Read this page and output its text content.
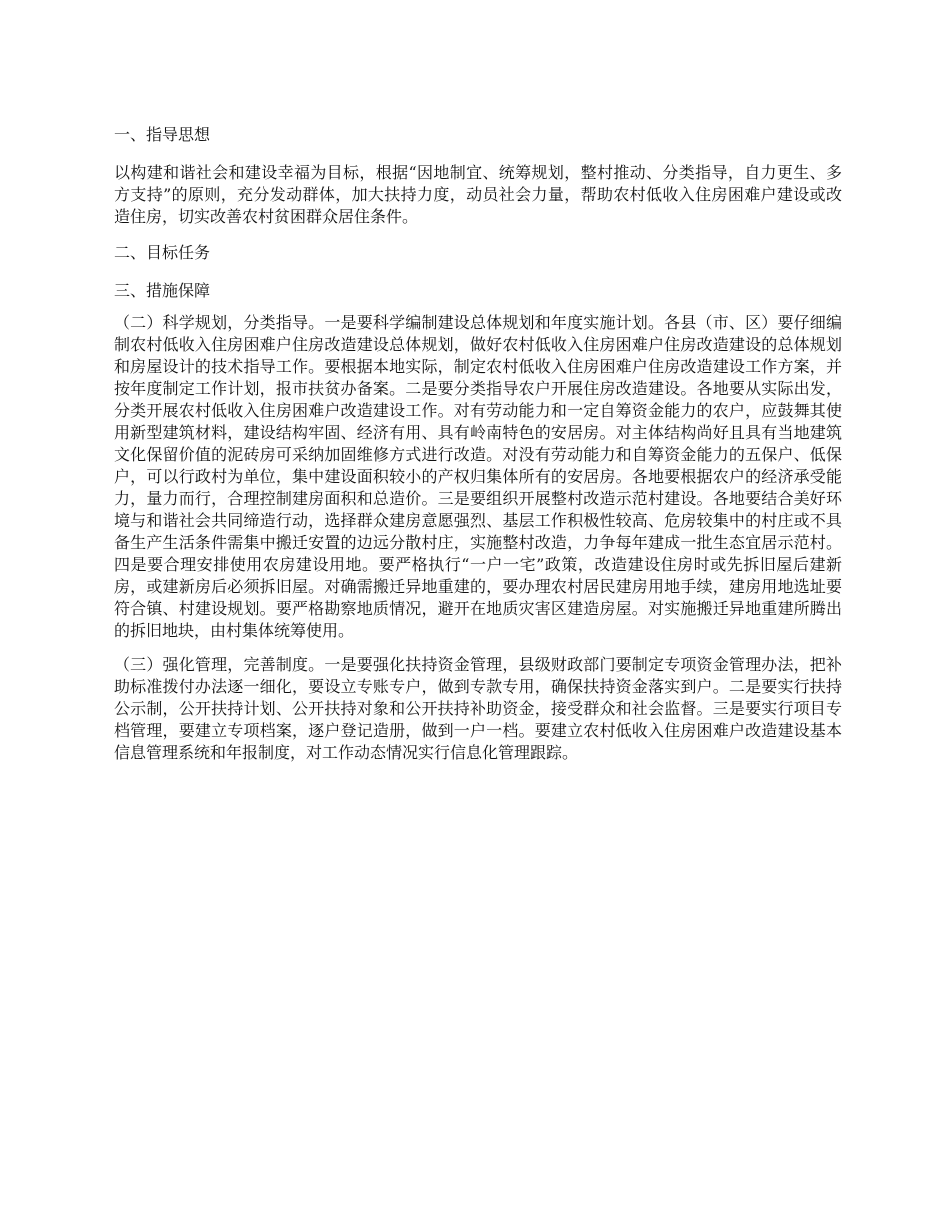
一、指导思想
以构建和谐社会和建设幸福为目标，根据“因地制宜、统筹规划，整村推动、分类指导，自力更生、多方支持”的原则，充分发动群体，加大扶持力度，动员社会力量，帮助农村低收入住房困难户建设或改造住房，切实改善农村贫困群众居住条件。
二、目标任务
三、措施保障
（二）科学规划，分类指导。一是要科学编制建设总体规划和年度实施计划。各县（市、区）要仔细编制农村低收入住房困难户住房改造建设总体规划，做好农村低收入住房困难户住房改造建设的总体规划和房屋设计的技术指导工作。要根据本地实际，制定农村低收入住房困难户住房改造建设工作方案，并按年度制定工作计划，报市扶贫办备案。二是要分类指导农户开展住房改造建设。各地要从实际出发，分类开展农村低收入住房困难户改造建设工作。对有劳动能力和一定自筹资金能力的农户，应鼓舞其使用新型建筑材料，建设结构牢固、经济有用、具有岭南特色的安居房。对主体结构尚好且具有当地建筑文化保留价值的泥砖房可采纳加固维修方式进行改造。对没有劳动能力和自筹资金能力的五保户、低保户，可以行政村为单位，集中建设面积较小的产权归集体所有的安居房。各地要根据农户的经济承受能力，量力而行，合理控制建房面积和总造价。三是要组织开展整村改造示范村建设。各地要结合美好环境与和谐社会共同缔造行动，选择群众建房意愿强烈、基层工作积极性较高、危房较集中的村庄或不具备生产生活条件需集中搬迁安置的边远分散村庄，实施整村改造，力争每年建成一批生态宜居示范村。四是要合理安排使用农房建设用地。要严格执行“一户一宅”政策，改造建设住房时或先拆旧屋后建新房，或建新房后必须拆旧屋。对确需搬迁异地重建的，要办理农村居民建房用地手续，建房用地选址要符合镇、村建设规划。要严格勘察地质情况，避开在地质灾害区建造房屋。对实施搬迁异地重建所腾出的拆旧地块，由村集体统筹使用。
（三）强化管理，完善制度。一是要强化扶持资金管理，县级财政部门要制定专项资金管理办法，把补助标准拨付办法逐一细化，要设立专账专户，做到专款专用，确保扶持资金落实到户。二是要实行扶持公示制，公开扶持计划、公开扶持对象和公开扶持补助资金，接受群众和社会监督。三是要实行项目专档管理，要建立专项档案，逐户登记造册，做到一户一档。要建立农村低收入住房困难户改造建设基本信息管理系统和年报制度，对工作动态情况实行信息化管理跟踪。
